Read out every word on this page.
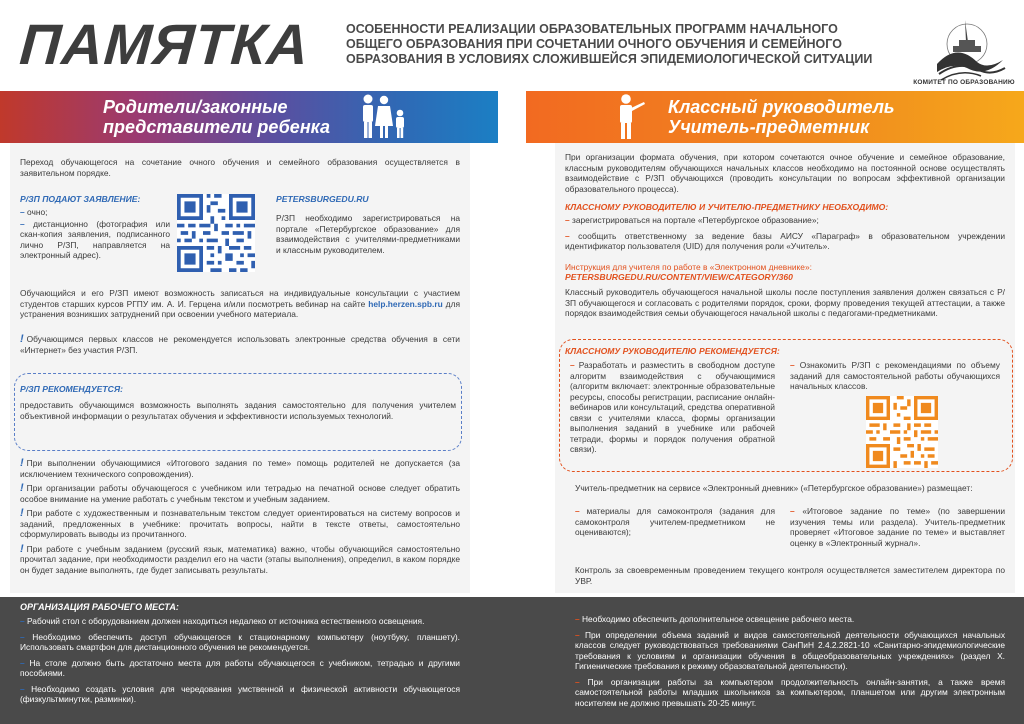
ПАМЯТКА	ОСОБЕННОСТИ РЕАЛИЗАЦИИ ОБРАЗОВАТЕЛЬНЫХ ПРОГРАММ НАЧАЛЬНОГО ОБЩЕГО ОБРАЗОВАНИЯ ПРИ СОЧЕТАНИИ ОЧНОГО ОБУЧЕНИЯ И СЕМЕЙНОГО ОБРАЗОВАНИЯ В УСЛОВИЯХ СЛОЖИВШЕЙСЯ ЭПИДЕМИОЛОГИЧЕСКОЙ СИТУАЦИИ
КОМИТЕТ ПО ОБРАЗОВАНИЮ
Родители/законные
представители ребенка
Классный руководитель
Учитель-предметник
Переход обучающегося на сочетание очного обучения и семейного образования осуществляется в заявительном порядке.
Р/ЗП ПОДАЮТ ЗАЯВЛЕНИЕ:
– очно;
– дистанционно (фотография или скан-копия заявления, подписанного лично Р/ЗП, направляется на электронный адрес).
PETERSBURGEDU.RU
Р/ЗП необходимо зарегистрироваться на портале «Петербургское образование» для взаимодействия с учителями-предметниками и классным руководителем.
Обучающийся и его Р/ЗП имеют возможность записаться на индивидуальные консультации с участием студентов старших курсов РГПУ им. А. И. Герцена и/или посмотреть вебинар на сайте help.herzen.spb.ru для устранения возникших затруднений при освоении учебного материала.
! Обучающимся первых классов не рекомендуется использовать электронные средства обучения в сети «Интернет» без участия Р/ЗП.
Р/ЗП РЕКОМЕНДУЕТСЯ:
предоставить обучающимся возможность выполнять задания самостоятельно для получения учителем объективной информации о результатах обучения и эффективности используемых технологий.
! При выполнении обучающимися «Итогового задания по теме» помощь родителей не допускается (за исключением технического сопровождения).
! При организации работы обучающегося с учебником или тетрадью на печатной основе следует обратить особое внимание на умение работать с учебным текстом и учебным заданием.
! При работе с художественным и познавательным текстом следует ориентироваться на систему вопросов и заданий, предложенных в учебнике: прочитать вопросы, найти в тексте ответы, самостоятельно сформулировать выводы из прочитанного.
! При работе с учебным заданием (русский язык, математика) важно, чтобы обучающийся самостоятельно прочитал задание, при необходимости разделил его на части (этапы выполнения), определил, в каком порядке он будет задание выполнять, где будет записывать результаты.
При организации формата обучения, при котором сочетаются очное обучение и семейное образование, классным руководителям обучающихся начальных классов необходимо на постоянной основе осуществлять взаимодействие с Р/ЗП обучающихся (проводить консультации по вопросам эффективной организации образовательного процесса).
КЛАССНОМУ РУКОВОДИТЕЛЮ И УЧИТЕЛЮ-ПРЕДМЕТНИКУ НЕОБХОДИМО:
– зарегистрироваться на портале «Петербургское образование»;
– сообщить ответственному за ведение базы АИСУ «Параграф» в образовательном учреждении идентификатор пользователя (UID) для получения роли «Учитель».
Инструкция для учителя по работе в «Электронном дневнике»:
PETERSBURGEDU.RU/CONTENT/VIEW/CATEGORY/360
Классный руководитель обучающегося начальной школы после поступления заявления должен связаться с Р/ЗП обучающегося и согласовать с родителями порядок, сроки, форму проведения текущей аттестации, а также порядок взаимодействия семьи обучающегося начальной школы с педагогами-предметниками.
КЛАССНОМУ РУКОВОДИТЕЛЮ РЕКОМЕНДУЕТСЯ:
– Разработать и разместить в свободном доступе алгоритм взаимодействия с обучающимися (алгоритм включает: электронные образовательные ресурсы, способы регистрации, расписание онлайн-вебинаров или консультаций, средства оперативной связи с учителями класса, формы организации выполнения заданий в учебнике или рабочей тетради, формы и порядок получения обратной связи).
– Ознакомить Р/ЗП с рекомендациями по объему заданий для самостоятельной работы обучающихся начальных классов.
Учитель-предметник на сервисе «Электронный дневник» («Петербургское образование») размещает:
– материалы для самоконтроля (задания для самоконтроля учителем-предметником не оцениваются);
– «Итоговое задание по теме» (по завершении изучения темы или раздела). Учитель-предметник проверяет «Итоговое задание по теме» и выставляет оценку в «Электронный журнал».
Контроль за своевременным проведением текущего контроля осуществляется заместителем директора по УВР.
ОРГАНИЗАЦИЯ РАБОЧЕГО МЕСТА:
– Рабочий стол с оборудованием должен находиться недалеко от источника естественного освещения.
– Необходимо обеспечить доступ обучающегося к стационарному компьютеру (ноутбуку, планшету). Использовать смартфон для дистанционного обучения не рекомендуется.
– На столе должно быть достаточно места для работы обучающегося с учебником, тетрадью и другими пособиями.
– Необходимо создать условия для чередования умственной и физической активности обучающегося (физкультминутки, разминки).
– Необходимо обеспечить дополнительное освещение рабочего места.
– При определении объема заданий и видов самостоятельной деятельности обучающихся начальных классов следует руководствоваться требованиями СанПиН 2.4.2.2821-10 «Санитарно-эпидемиологические требования к условиям и организации обучения в общеобразовательных учреждениях» (раздел X. Гигиенические требования к режиму образовательной деятельности).
– При организации работы за компьютером продолжительность онлайн-занятия, а также время самостоятельной работы младших школьников за компьютером, планшетом или другим электронным носителем не должно превышать 20-25 минут.
